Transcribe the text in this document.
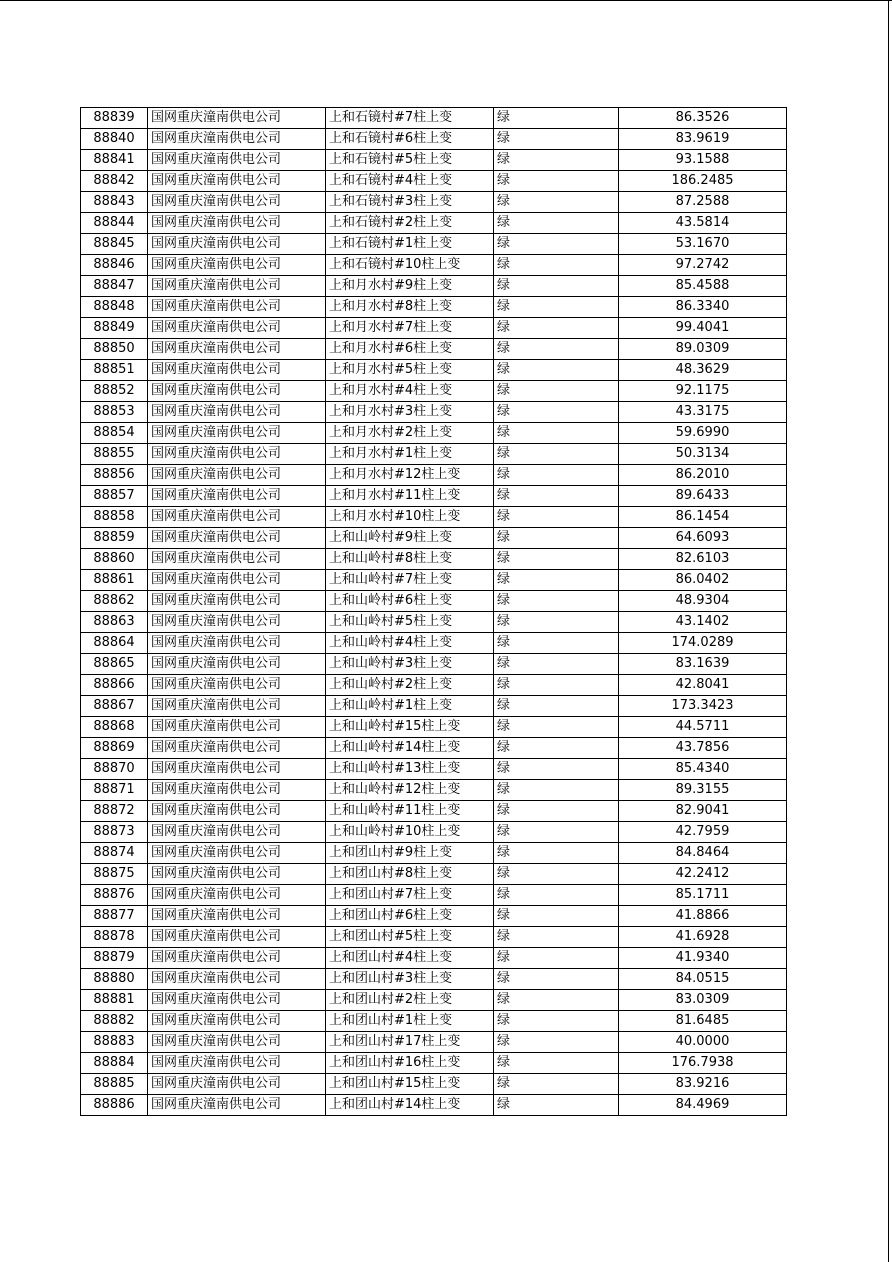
88839	国网重庆潼南供电公司	上和石镜村#7柱上变	绿	86.3526
88840	国网重庆潼南供电公司	上和石镜村#6柱上变	绿	83.9619
88841	国网重庆潼南供电公司	上和石镜村#5柱上变	绿	93.1588
88842	国网重庆潼南供电公司	上和石镜村#4柱上变	绿	186.2485
88843	国网重庆潼南供电公司	上和石镜村#3柱上变	绿	87.2588
88844	国网重庆潼南供电公司	上和石镜村#2柱上变	绿	43.5814
88845	国网重庆潼南供电公司	上和石镜村#1柱上变	绿	53.1670
88846	国网重庆潼南供电公司	上和石镜村#10柱上变	绿	97.2742
88847	国网重庆潼南供电公司	上和月水村#9柱上变	绿	85.4588
88848	国网重庆潼南供电公司	上和月水村#8柱上变	绿	86.3340
88849	国网重庆潼南供电公司	上和月水村#7柱上变	绿	99.4041
88850	国网重庆潼南供电公司	上和月水村#6柱上变	绿	89.0309
88851	国网重庆潼南供电公司	上和月水村#5柱上变	绿	48.3629
88852	国网重庆潼南供电公司	上和月水村#4柱上变	绿	92.1175
88853	国网重庆潼南供电公司	上和月水村#3柱上变	绿	43.3175
88854	国网重庆潼南供电公司	上和月水村#2柱上变	绿	59.6990
88855	国网重庆潼南供电公司	上和月水村#1柱上变	绿	50.3134
88856	国网重庆潼南供电公司	上和月水村#12柱上变	绿	86.2010
88857	国网重庆潼南供电公司	上和月水村#11柱上变	绿	89.6433
88858	国网重庆潼南供电公司	上和月水村#10柱上变	绿	86.1454
88859	国网重庆潼南供电公司	上和山岭村#9柱上变	绿	64.6093
88860	国网重庆潼南供电公司	上和山岭村#8柱上变	绿	82.6103
88861	国网重庆潼南供电公司	上和山岭村#7柱上变	绿	86.0402
88862	国网重庆潼南供电公司	上和山岭村#6柱上变	绿	48.9304
88863	国网重庆潼南供电公司	上和山岭村#5柱上变	绿	43.1402
88864	国网重庆潼南供电公司	上和山岭村#4柱上变	绿	174.0289
88865	国网重庆潼南供电公司	上和山岭村#3柱上变	绿	83.1639
88866	国网重庆潼南供电公司	上和山岭村#2柱上变	绿	42.8041
88867	国网重庆潼南供电公司	上和山岭村#1柱上变	绿	173.3423
88868	国网重庆潼南供电公司	上和山岭村#15柱上变	绿	44.5711
88869	国网重庆潼南供电公司	上和山岭村#14柱上变	绿	43.7856
88870	国网重庆潼南供电公司	上和山岭村#13柱上变	绿	85.4340
88871	国网重庆潼南供电公司	上和山岭村#12柱上变	绿	89.3155
88872	国网重庆潼南供电公司	上和山岭村#11柱上变	绿	82.9041
88873	国网重庆潼南供电公司	上和山岭村#10柱上变	绿	42.7959
88874	国网重庆潼南供电公司	上和团山村#9柱上变	绿	84.8464
88875	国网重庆潼南供电公司	上和团山村#8柱上变	绿	42.2412
88876	国网重庆潼南供电公司	上和团山村#7柱上变	绿	85.1711
88877	国网重庆潼南供电公司	上和团山村#6柱上变	绿	41.8866
88878	国网重庆潼南供电公司	上和团山村#5柱上变	绿	41.6928
88879	国网重庆潼南供电公司	上和团山村#4柱上变	绿	41.9340
88880	国网重庆潼南供电公司	上和团山村#3柱上变	绿	84.0515
88881	国网重庆潼南供电公司	上和团山村#2柱上变	绿	83.0309
88882	国网重庆潼南供电公司	上和团山村#1柱上变	绿	81.6485
88883	国网重庆潼南供电公司	上和团山村#17柱上变	绿	40.0000
88884	国网重庆潼南供电公司	上和团山村#16柱上变	绿	176.7938
88885	国网重庆潼南供电公司	上和团山村#15柱上变	绿	83.9216
88886	国网重庆潼南供电公司	上和团山村#14柱上变	绿	84.4969
